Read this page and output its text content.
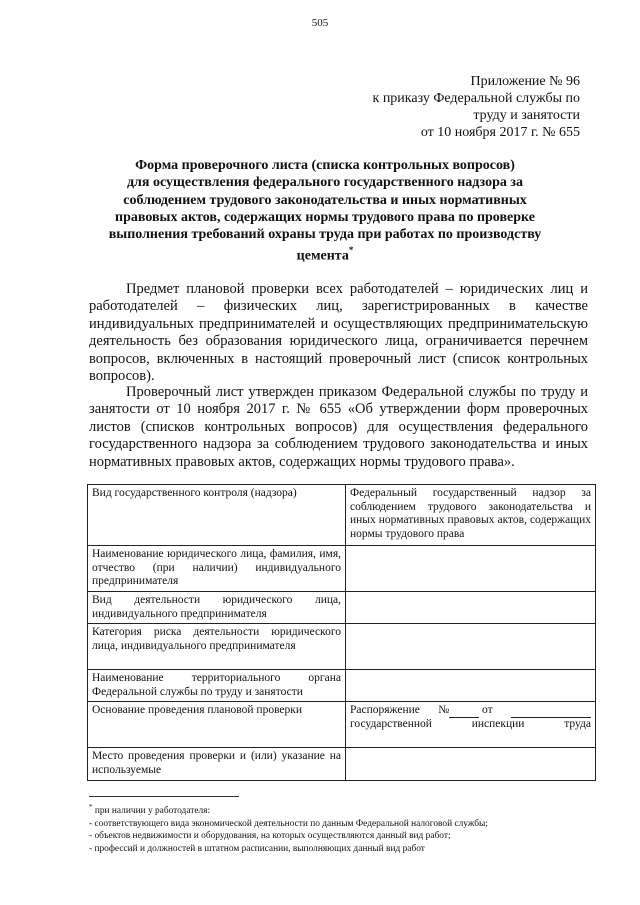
505
Приложение № 96
к приказу Федеральной службы по
труду и занятости
от 10 ноября 2017 г. № 655
Форма проверочного листа (списка контрольных вопросов)
для осуществления федерального государственного надзора за
соблюдением трудового законодательства и иных нормативных
правовых актов, содержащих нормы трудового права по проверке
выполнения требований охраны труда при работах по производству
цемента*
Предмет плановой проверки всех работодателей – юридических лиц и работодателей – физических лиц, зарегистрированных в качестве индивидуальных предпринимателей и осуществляющих предпринимательскую деятельность без образования юридического лица, ограничивается перечнем вопросов, включенных в настоящий проверочный лист (список контрольных вопросов).
Проверочный лист утвержден приказом Федеральной службы по труду и занятости от 10 ноября 2017 г. № 655 «Об утверждении форм проверочных листов (списков контрольных вопросов) для осуществления федерального государственного надзора за соблюдением трудового законодательства и иных нормативных правовых актов, содержащих нормы трудового права».
Вид государственного контроля (надзора)	Федеральный государственный надзор за соблюдением трудового законодательства и иных нормативных правовых актов, содержащих нормы трудового права
Наименование юридического лица, фамилия, имя, отчество (при наличии) индивидуального предпринимателя	
Вид деятельности юридического лица, индивидуального предпринимателя	
Категория риска деятельности юридического лица, индивидуального предпринимателя	
Наименование территориального органа Федеральной службы по труду и занятости	
Основание проведения плановой проверки	Распоряжение № от
государственной инспекции труда

Место проведения проверки и (или) указание на используемые	
* при наличии у работодателя:
- соответствующего вида экономической деятельности по данным Федеральной налоговой службы;
- объектов недвижимости и оборудования, на которых осуществляются данный вид работ;
- профессий и должностей в штатном расписании, выполняющих данный вид работ
